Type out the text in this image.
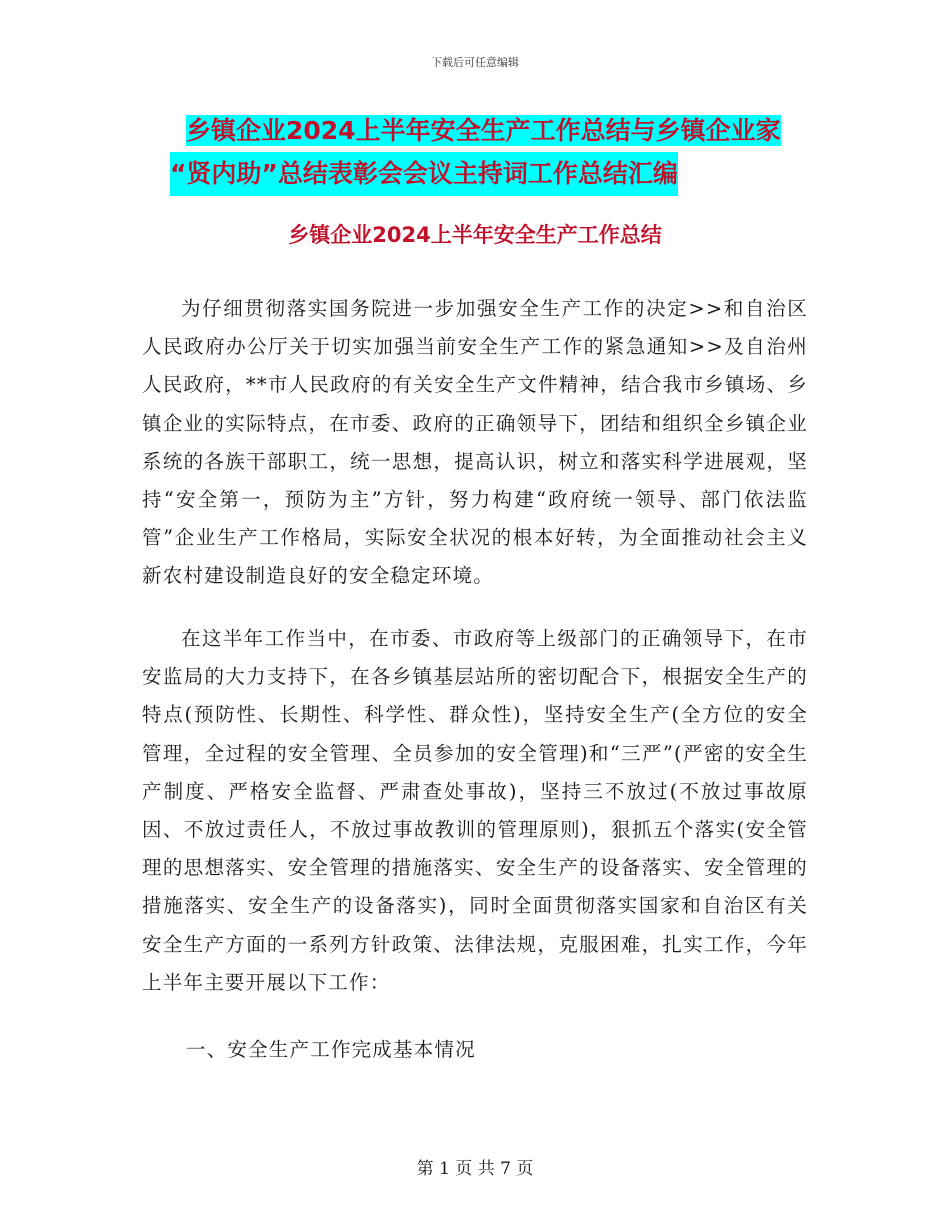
下载后可任意编辑
乡镇企业2024上半年安全生产工作总结与乡镇企业家
“贤内助”总结表彰会会议主持词工作总结汇编
乡镇企业2024上半年安全生产工作总结

为仔细贯彻落实国务院进一步加强安全生产工作的决定>>和自治区人民政府办公厅关于切实加强当前安全生产工作的紧急通知>>及自治州人民政府，**市人民政府的有关安全生产文件精神，结合我市乡镇场、乡镇企业的实际特点，在市委、政府的正确领导下，团结和组织全乡镇企业系统的各族干部职工，统一思想，提高认识，树立和落实科学进展观，坚持“安全第一，预防为主”方针，努力构建“政府统一领导、部门依法监管”企业生产工作格局，实际安全状况的根本好转，为全面推动社会主义新农村建设制造良好的安全稳定环境。

在这半年工作当中，在市委、市政府等上级部门的正确领导下，在市安监局的大力支持下，在各乡镇基层站所的密切配合下，根据安全生产的特点(预防性、长期性、科学性、群众性)，坚持安全生产(全方位的安全管理，全过程的安全管理、全员参加的安全管理)和“三严”(严密的安全生产制度、严格安全监督、严肃查处事故)，坚持三不放过(不放过事故原因、不放过责任人，不放过事故教训的管理原则)，狠抓五个落实(安全管理的思想落实、安全管理的措施落实、安全生产的设备落实、安全管理的措施落实、安全生产的设备落实)，同时全面贯彻落实国家和自治区有关安全生产方面的一系列方针政策、法律法规，克服困难，扎实工作，今年上半年主要开展以下工作：

一、安全生产工作完成基本情况

第 1 页 共 7 页
